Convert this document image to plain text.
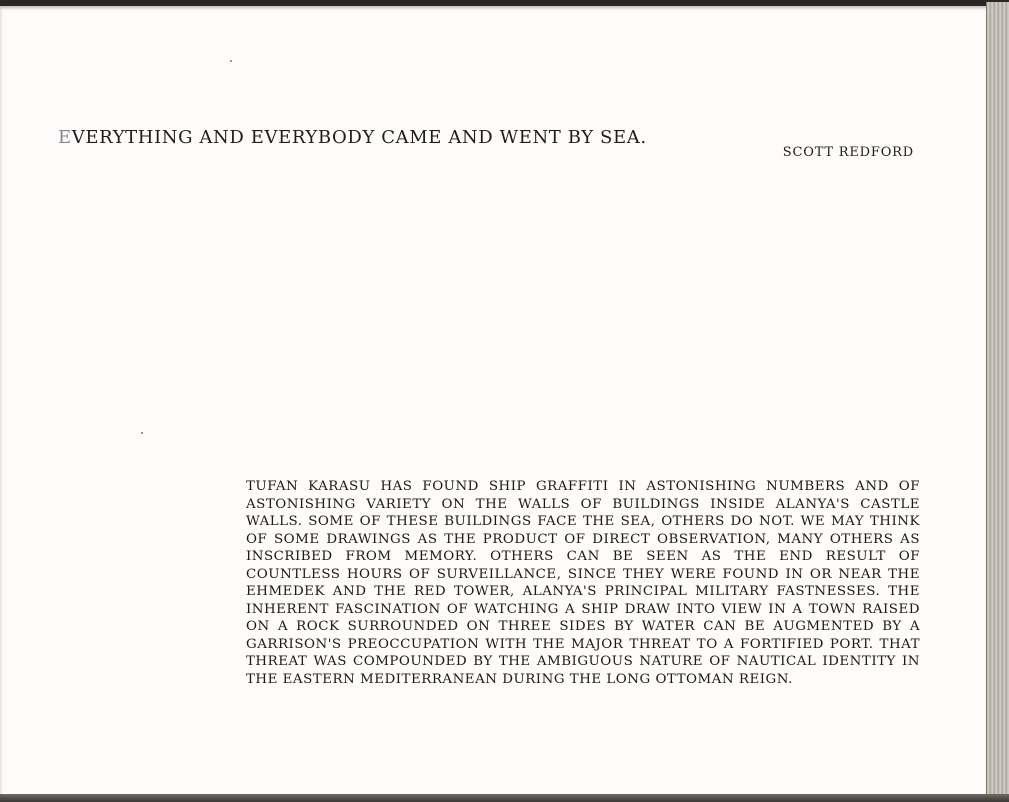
EVERYTHING AND EVERYBODY CAME AND WENT BY SEA.
SCOTT REDFORD
TUFAN KARASU HAS FOUND SHIP GRAFFITI IN ASTONISHING NUMBERS AND OF ASTONISHING VARIETY ON THE WALLS OF BUILDINGS INSIDE ALANYA'S CASTLE WALLS. SOME OF THESE BUILDINGS FACE THE SEA, OTHERS DO NOT. WE MAY THINK OF SOME DRAWINGS AS THE PRODUCT OF DIRECT OBSERVATION, MANY OTHERS AS INSCRIBED FROM MEMORY. OTHERS CAN BE SEEN AS THE END RESULT OF COUNTLESS HOURS OF SURVEILLANCE, SINCE THEY WERE FOUND IN OR NEAR THE EHMEDEK AND THE RED TOWER, ALANYA'S PRINCIPAL MILITARY FASTNESSES. THE INHERENT FASCINATION OF WATCHING A SHIP DRAW INTO VIEW IN A TOWN RAISED ON A ROCK SURROUNDED ON THREE SIDES BY WATER CAN BE AUGMENTED BY A GARRISON'S PREOCCUPATION WITH THE MAJOR THREAT TO A FORTIFIED PORT. THAT THREAT WAS COMPOUNDED BY THE AMBIGUOUS NATURE OF NAUTICAL IDENTITY IN THE EASTERN MEDITERRANEAN DURING THE LONG OTTOMAN REIGN.
